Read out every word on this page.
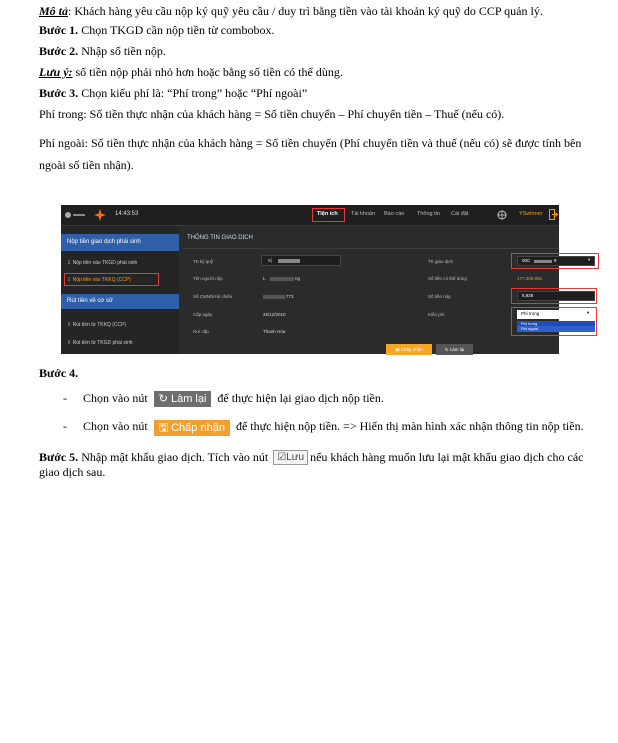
Mô tả: Khách hàng yêu cầu nộp ký quỹ yêu cầu / duy trì bằng tiền vào tài khoản ký quỹ do CCP quản lý.

Bước 1. Chọn TKGD cần nộp tiền từ combobox.

Bước 2. Nhập số tiền nộp.

Lưu ý: số tiền nộp phải nhỏ hơn hoặc bằng số tiền có thể dùng.

Bước 3. Chọn kiểu phí là: “Phí trong” hoặc “Phí ngoài”

Phí trong: Số tiền thực nhận của khách hàng = Số tiền chuyển – Phí chuyển tiền – Thuế (nếu có).

Phí ngoài: Số tiền thực nhận của khách hàng = Số tiền chuyển (Phí chuyển tiền và thuế (nếu có) sẽ được tính bên ngoài số tiền nhận).

14:43:53	Tiện ích Tài khoản Báo cáo Thông tin Cài đặt	YSwinner
Nộp tiền giao dịch phái sinh
⇩ Nộp tiền vào TKGD phái sinh
⇩ Nộp tiền vào TKKQ (CCP)
Rút tiền về cơ sở
⇧ Rút tiền từ TKKQ (CCP)
⇧ Rút tiền từ TKGD phái sinh
THÔNG TIN GIAO DỊCH
TK ký quỹ	0(
Tên người nộp	L	ng
Số CMND/Hộ chiếu	773
Cấp ngày	25/12/2010
Nơi cấp	Thanh Hóa
TK giao dịch	00C	9	▾
Số tiền có thể dùng	177,385,992
Số tiền nộp	5,928
Kiểu phí	Phí trong	▾
Phí trong
Phí ngoài
▣ Chấp nhận	↻ Làm lại

Bước 4.

- Chọn vào nút ↻ Làm lại để thực hiện lại giao dịch nộp tiền.
- Chọn vào nút 🖫 Chấp nhận để thực hiện nộp tiền. => Hiển thị màn hình xác nhận thông tin nộp tiền.

Bước 5. Nhập mật khẩu giao dịch. Tích vào nút ☑Lưu nếu khách hàng muốn lưu lại mật khẩu giao dịch cho các giao dịch sau.
